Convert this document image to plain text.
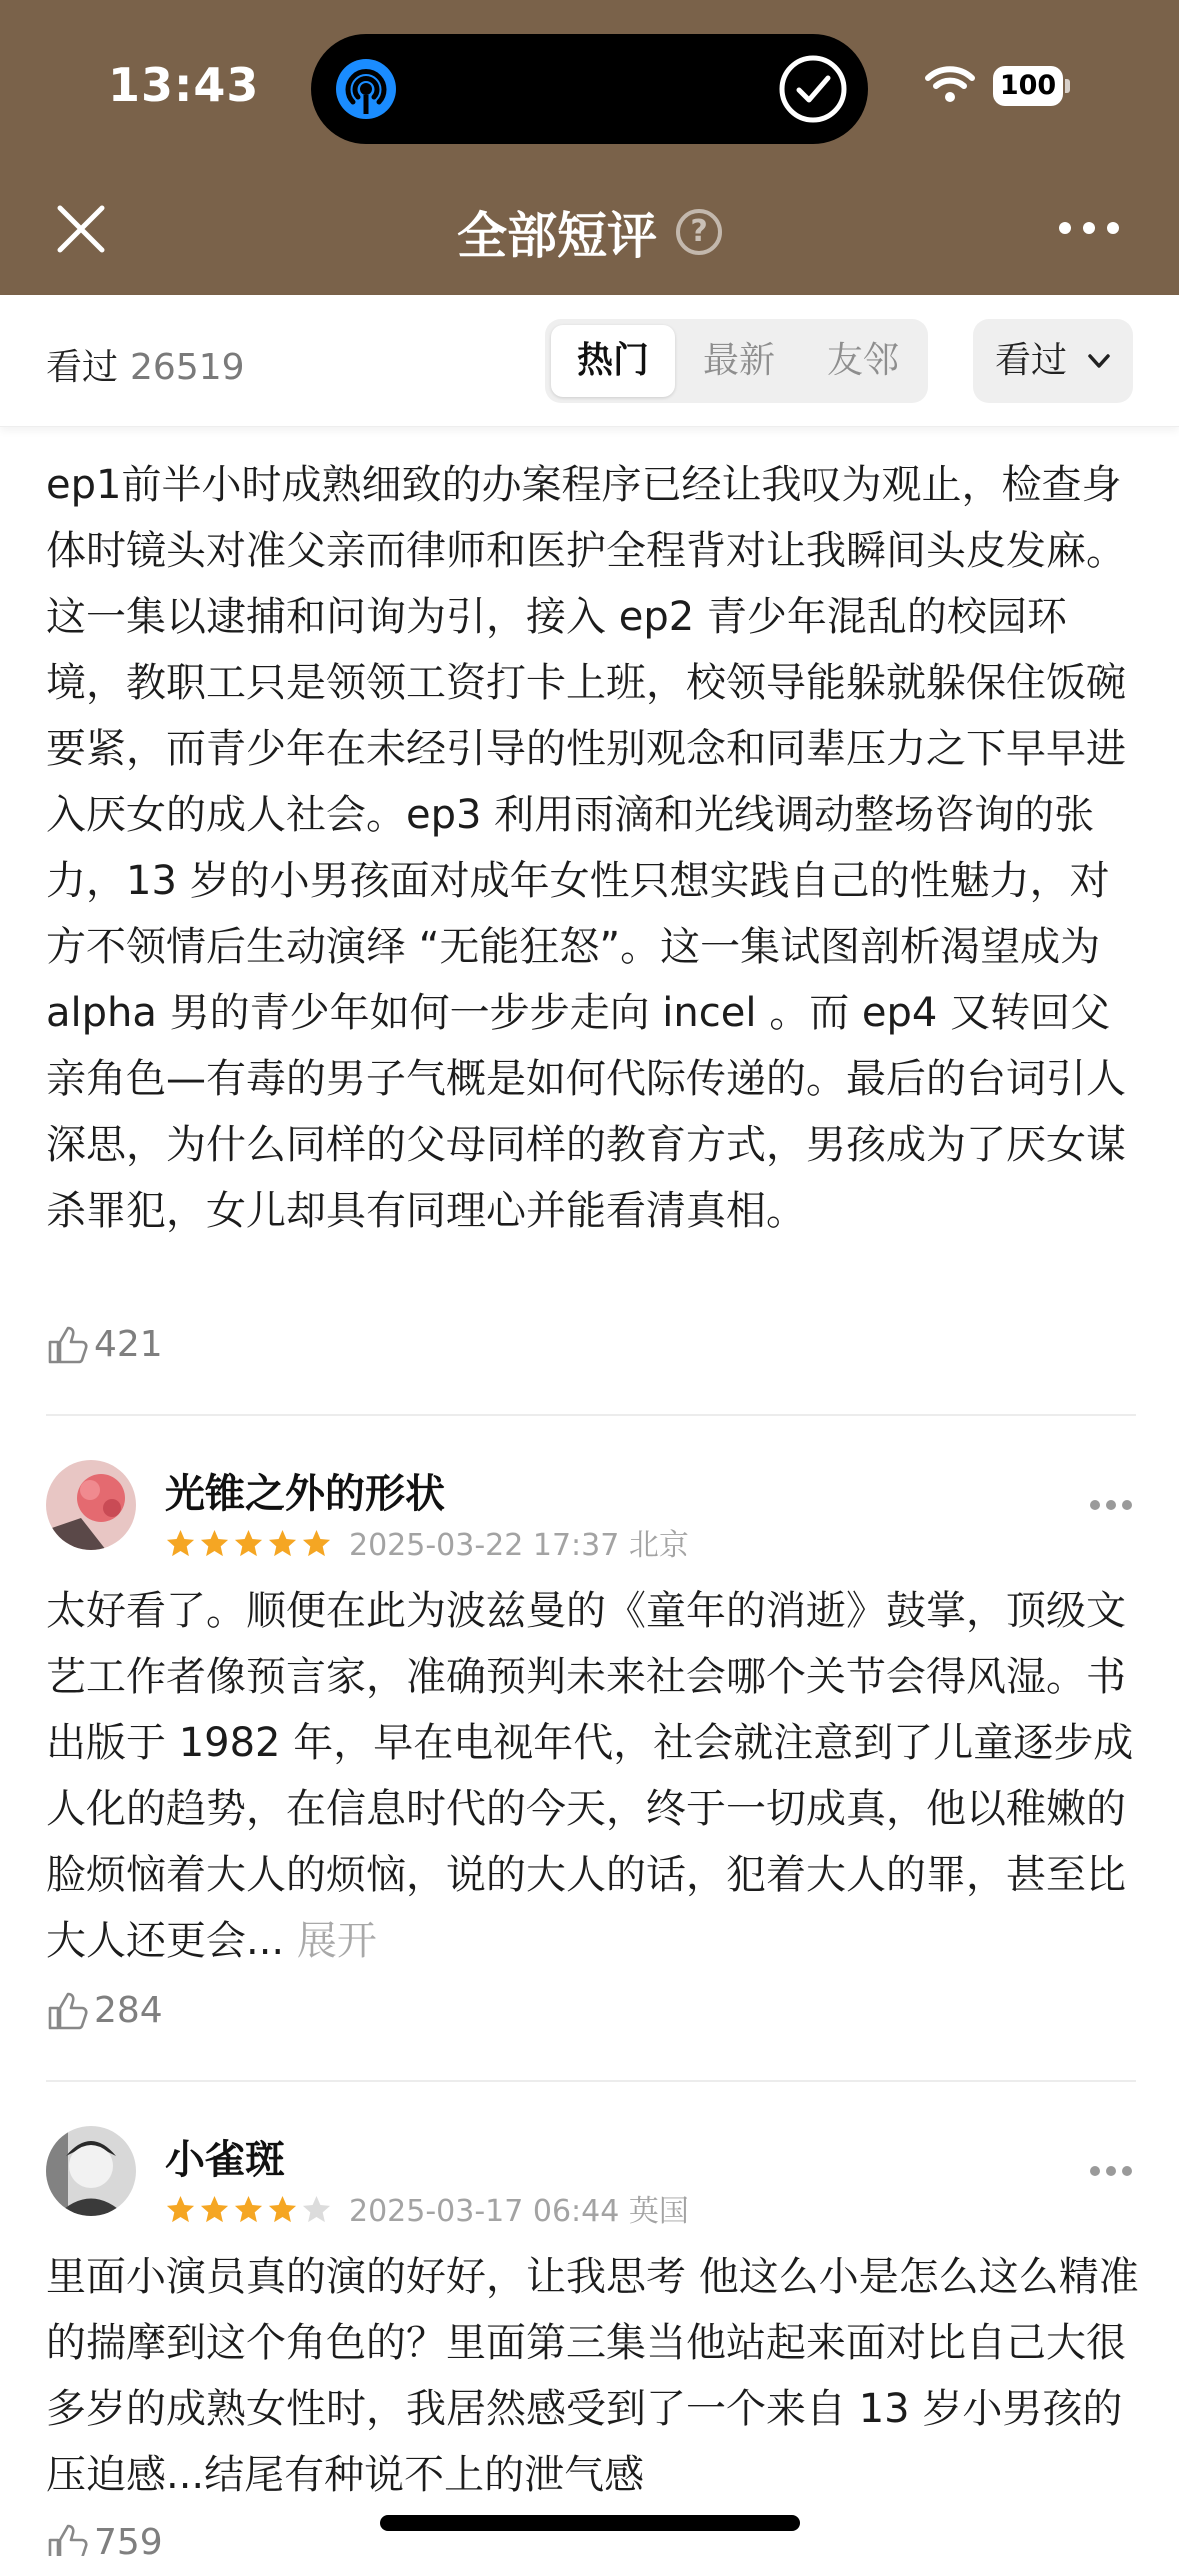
13:43	100
全部短评 ?
看过 26519	热门	最新	友邻	看过
ep1前半小时成熟细致的办案程序已经让我叹为观止，检查身体时镜头对准父亲而律师和医护全程背对让我瞬间头皮发麻。这一集以逮捕和问询为引，接入 ep2 青少年混乱的校园环境，教职工只是领领工资打卡上班，校领导能躲就躲保住饭碗要紧，而青少年在未经引导的性别观念和同辈压力之下早早进入厌女的成人社会。ep3 利用雨滴和光线调动整场咨询的张力，13 岁的小男孩面对成年女性只想实践自己的性魅力，对方不领情后生动演绎 “无能狂怒”。这一集试图剖析渴望成为 alpha 男的青少年如何一步步走向 incel 。而 ep4 又转回父亲角色—有毒的男子气概是如何代际传递的。最后的台词引人深思，为什么同样的父母同样的教育方式，男孩成为了厌女谋杀罪犯，女儿却具有同理心并能看清真相。
421
光锥之外的形状
2025-03-22 17:37 北京
太好看了。顺便在此为波兹曼的《童年的消逝》鼓掌，顶级文艺工作者像预言家，准确预判未来社会哪个关节会得风湿。书出版于 1982 年，早在电视年代，社会就注意到了儿童逐步成人化的趋势，在信息时代的今天，终于一切成真，他以稚嫩的脸烦恼着大人的烦恼，说的大人的话，犯着大人的罪，甚至比大人还更会... 展开
284
小雀斑
2025-03-17 06:44 英国
里面小演员真的演的好好，让我思考 他这么小是怎么这么精准的揣摩到这个角色的？里面第三集当他站起来面对比自己大很多岁的成熟女性时，我居然感受到了一个来自 13 岁小男孩的压迫感...结尾有种说不上的泄气感
759
